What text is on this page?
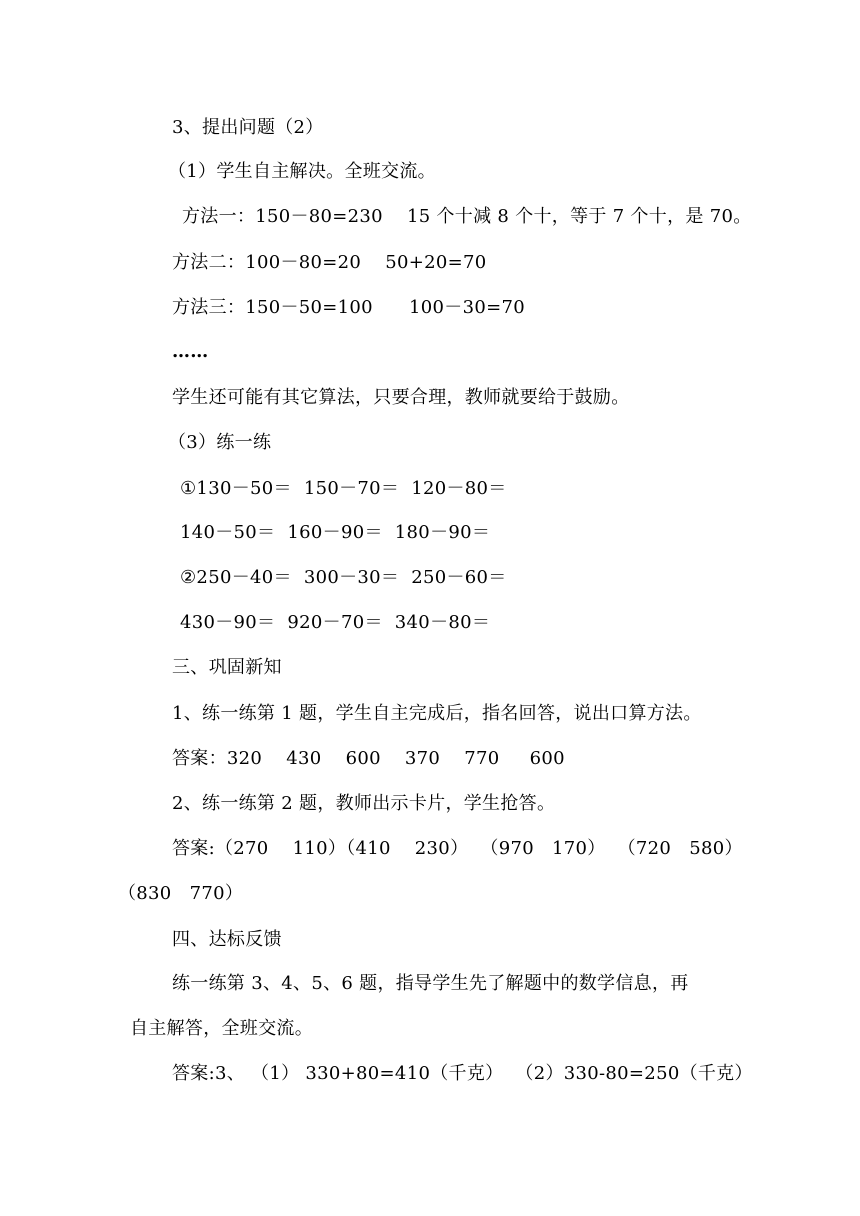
3、提出问题（2）
（1）学生自主解决。全班交流。
方法一：150－80=230    15 个十减 8 个十，等于 7 个十，是 70。
方法二：100－80=20    50+20=70
方法三：150－50=100      100－30=70
……
学生还可能有其它算法，只要合理，教师就要给于鼓励。
（3）练一练
①130－50＝  150－70＝  120－80＝
140－50＝  160－90＝  180－90＝
②250－40＝  300－30＝  250－60＝
430－90＝  920－70＝  340－80＝
三、巩固新知
1、练一练第 1 题，学生自主完成后，指名回答，说出口算方法。
答案：320    430    600    370    770     600
2、练一练第 2 题，教师出示卡片，学生抢答。
答案:（270    110）（410    230）  （970   170）  （720   580）
（830   770）
四、达标反馈
练一练第 3、4、5、6 题，指导学生先了解题中的数学信息，再
自主解答，全班交流。
答案:3、 （1） 330+80=410（千克）  （2）330-80=250（千克）
